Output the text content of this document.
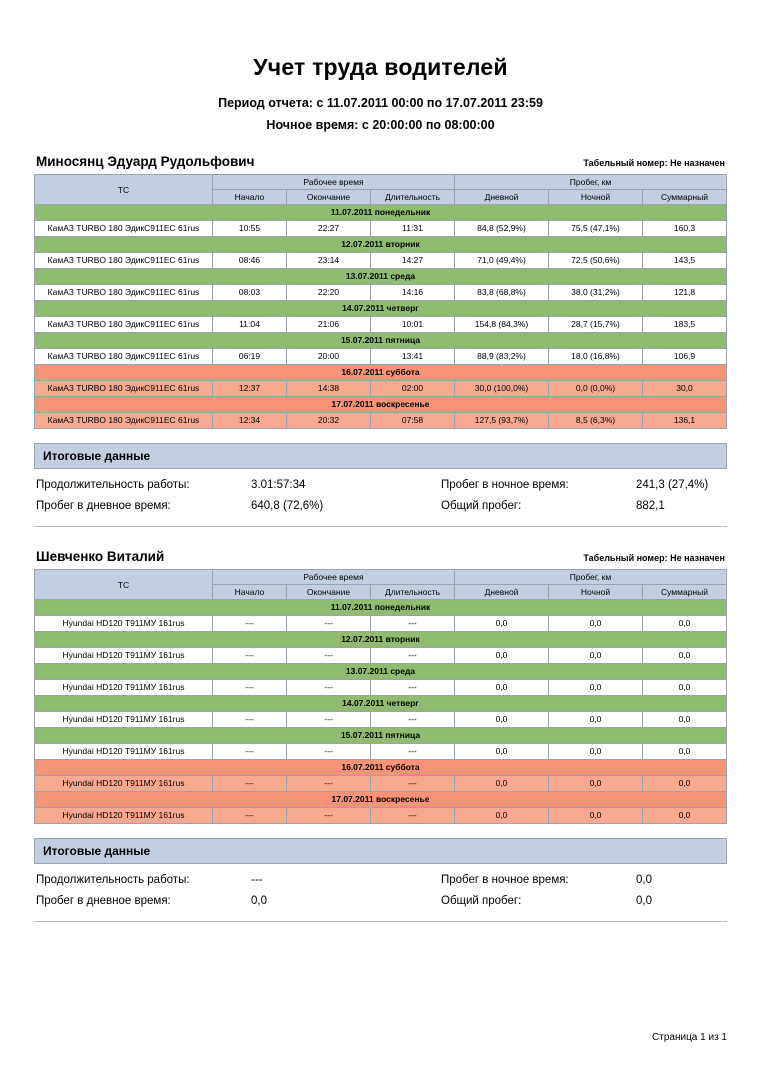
Учет труда водителей
Период отчета: с 11.07.2011 00:00 по 17.07.2011 23:59
Ночное время: с 20:00:00 по 08:00:00
Миносянц Эдуард Рудольфович	Табельный номер: Не назначен
ТС	Рабочее время			Пробег, км		
	Начало	Окончание	Длительность	Дневной	Ночной	Суммарный
11.07.2011 понедельник						
КамАЗ TURBO 180 ЭдикС911ЕС 61rus	10:55	22:27	11:31	84,8 (52,9%)	75,5 (47,1%)	160,3
12.07.2011 вторник						
КамАЗ TURBO 180 ЭдикС911ЕС 61rus	08:46	23:14	14:27	71,0 (49,4%)	72,5 (50,6%)	143,5
13.07.2011 среда						
КамАЗ TURBO 180 ЭдикС911ЕС 61rus	08:03	22:20	14:16	83,8 (68,8%)	38,0 (31,2%)	121,8
14.07.2011 четверг						
КамАЗ TURBO 180 ЭдикС911ЕС 61rus	11:04	21:06	10:01	154,8 (84,3%)	28,7 (15,7%)	183,5
15.07.2011 пятница						
КамАЗ TURBO 180 ЭдикС911ЕС 61rus	06:19	20:00	13:41	88,9 (83,2%)	18,0 (16,8%)	106,9
16.07.2011 суббота						
КамАЗ TURBO 180 ЭдикС911ЕС 61rus	12:37	14:38	02:00	30,0 (100,0%)	0,0 (0,0%)	30,0
17.07.2011 воскресенье						
КамАЗ TURBO 180 ЭдикС911ЕС 61rus	12:34	20:32	07:58	127,5 (93,7%)	8,5 (6,3%)	136,1
Итоговые данные
Продолжительность работы:	3.01:57:34	Пробег в ночное время:	241,3 (27,4%)
Пробег в дневное время:	640,8 (72,6%)	Общий пробег:	882,1
Шевченко Виталий	Табельный номер: Не назначен
ТС	Рабочее время			Пробег, км		
	Начало	Окончание	Длительность	Дневной	Ночной	Суммарный
11.07.2011 понедельник						
Hyundai HD120 Т911МУ 161rus	---	---	---	0,0	0,0	0,0
12.07.2011 вторник						
Hyundai HD120 Т911МУ 161rus	---	---	---	0,0	0,0	0,0
13.07.2011 среда						
Hyundai HD120 Т911МУ 161rus	---	---	---	0,0	0,0	0,0
14.07.2011 четверг						
Hyundai HD120 Т911МУ 161rus	---	---	---	0,0	0,0	0,0
15.07.2011 пятница						
Hyundai HD120 Т911МУ 161rus	---	---	---	0,0	0,0	0,0
16.07.2011 суббота						
Hyundai HD120 Т911МУ 161rus	---	---	---	0,0	0,0	0,0
17.07.2011 воскресенье						
Hyundai HD120 Т911МУ 161rus	---	---	---	0,0	0,0	0,0
Итоговые данные
Продолжительность работы:	---	Пробег в ночное время:	0,0
Пробег в дневное время:	0,0	Общий пробег:	0,0
Страница 1 из 1
